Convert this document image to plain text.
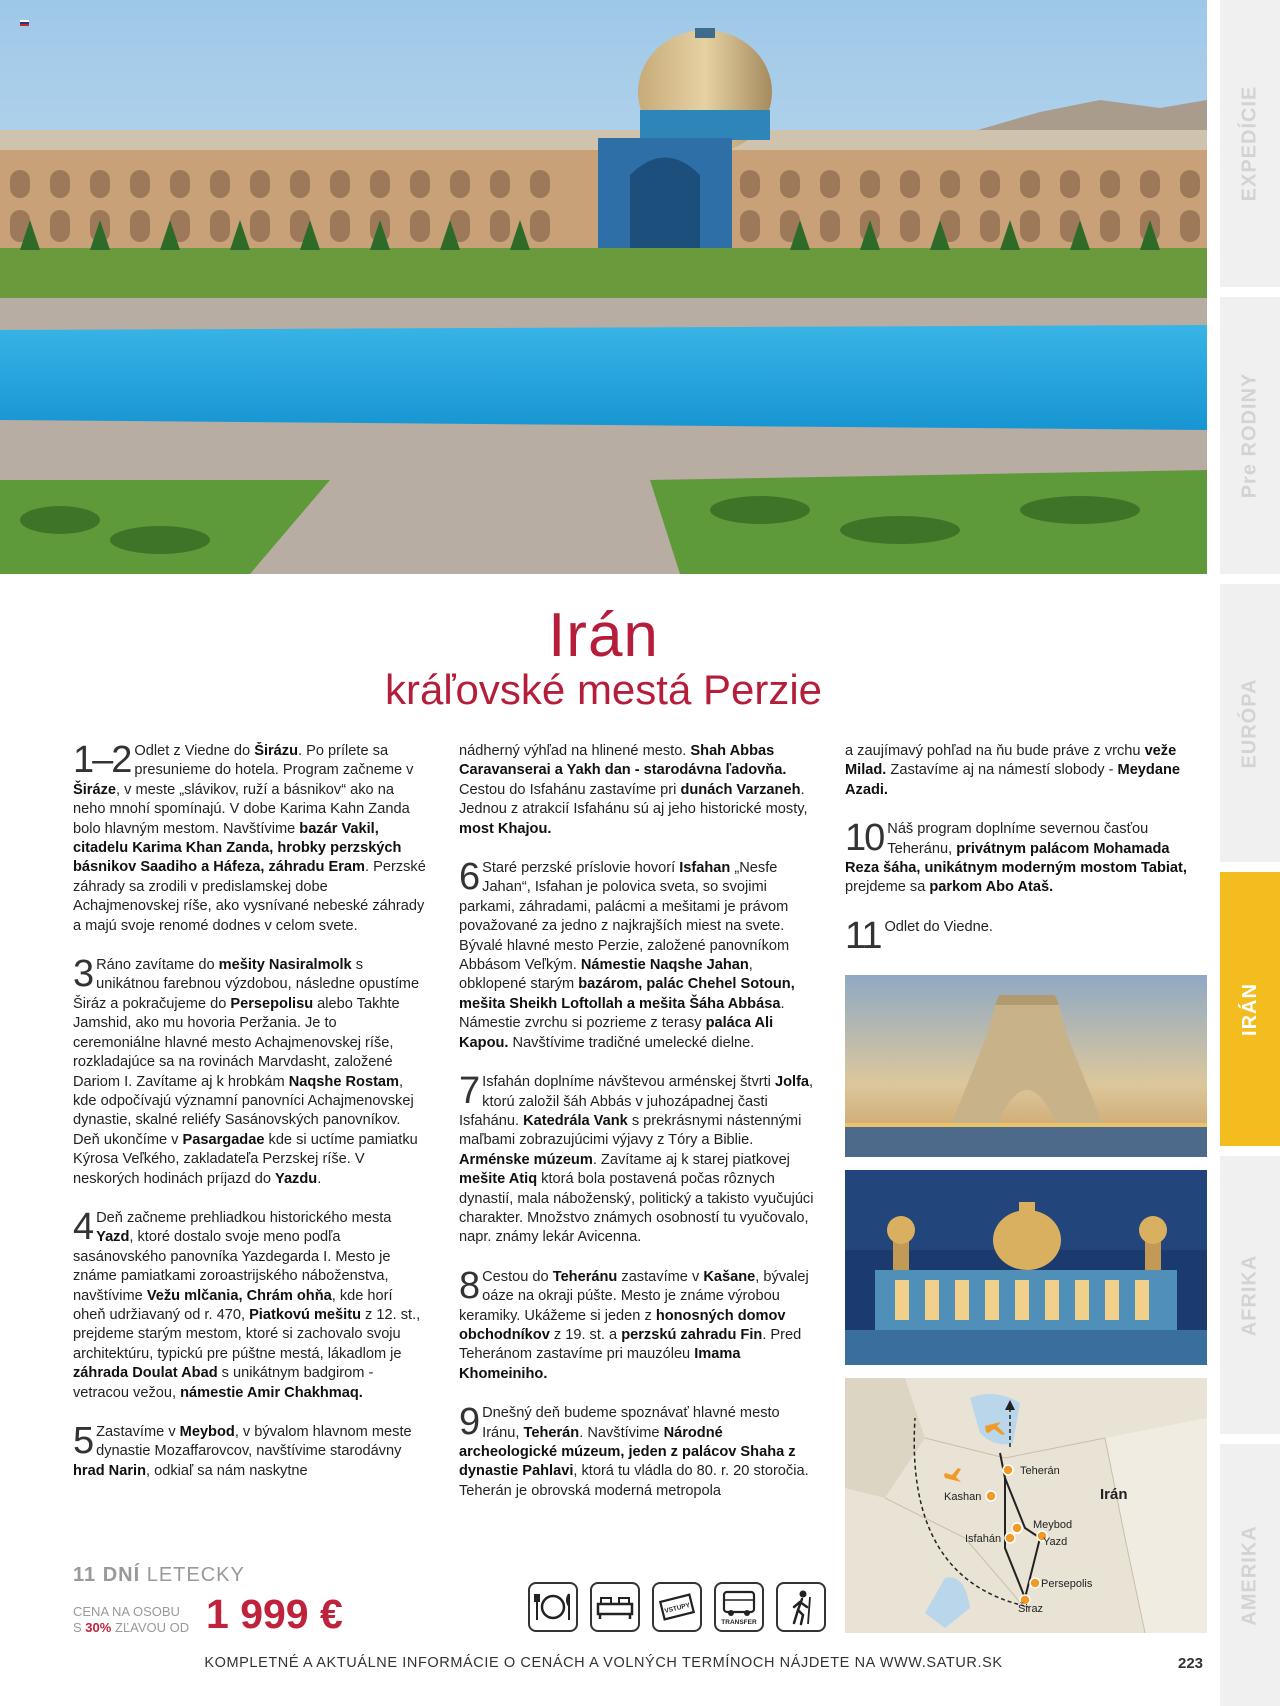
Irán
kráľovské mestá Perzie
1–2 Odlet z Viedne do Širázu. Po prílete sa presunieme do hotela. Program začneme v Širáze, v meste „slávikov, ruží a básnikov“ ako na neho mnohí spomínajú. V dobe Karima Kahn Zanda bolo hlavným mestom. Navštívime bazár Vakil, citadelu Karima Khan Zanda, hrobky perzských básnikov Saadiho a Háfeza, záhradu Eram. Perzské záhrady sa zrodili v predislamskej dobe Achajmenovskej ríše, ako vysnívané nebeské záhrady a majú svoje renomé dodnes v celom svete.

3 Ráno zavítame do mešity Nasiralmolk s unikátnou farebnou výzdobou, následne opustíme Širáz a pokračujeme do Persepolisu alebo Takhte Jamshid, ako mu hovoria Peržania. Je to ceremoniálne hlavné mesto Achajmenovskej ríše, rozkladajúce sa na rovinách Marvdasht, založené Dariom I. Zavítame aj k hrobkám Naqshe Rostam, kde odpočívajú významní panovníci Achajmenovskej dynastie, skalné reliéfy Sasánovských panovníkov. Deň ukončíme v Pasargadae kde si uctíme pamiatku Kýrosa Veľkého, zakladateľa Perzskej ríše. V neskorých hodinách príjazd do Yazdu.

4 Deň začneme prehliadkou historického mesta Yazd, ktoré dostalo svoje meno podľa sasánovského panovníka Yazdegarda I. Mesto je známe pamiatkami zoroastrijského náboženstva, navštívime Vežu mlčania, Chrám ohňa, kde horí oheň udržiavaný od r. 470, Piatkovú mešitu z 12. st., prejdeme starým mestom, ktoré si zachovalo svoju architektúru, typickú pre púštne mestá, lákadlom je záhrada Doulat Abad s unikátnym badgirom - vetracou vežou, námestie Amir Chakhmaq.

5 Zastavíme v Meybod, v bývalom hlavnom meste dynastie Mozaffarovcov, navštívime starodávny hrad Narin, odkiaľ sa nám naskytne

nádherný výhľad na hlinené mesto. Shah Abbas Caravanserai a Yakh dan - starodávna ľadovňa. Cestou do Isfahánu zastavíme pri dunách Varzaneh. Jednou z atrakcií Isfahánu sú aj jeho historické mosty, most Khajou.

6 Staré perzské príslovie hovorí Isfahan „Nesfe Jahan“, Isfahan je polovica sveta, so svojimi parkami, záhradami, palácmi a mešitami je právom považované za jedno z najkrajších miest na svete. Bývalé hlavné mesto Perzie, založené panovníkom Abbásom Veľkým. Námestie Naqshe Jahan, obklopené starým bazárom, palác Chehel Sotoun, mešita Sheikh Loftollah a mešita Šáha Abbása. Námestie zvrchu si pozrieme z terasy paláca Ali Kapou. Navštívime tradičné umelecké dielne.

7 Isfahán doplníme návštevou arménskej štvrti Jolfa, ktorú založil šáh Abbás v juhozápadnej časti Isfahánu. Katedrála Vank s prekrásnymi nástennými maľbami zobrazujúcimi výjavy z Tóry a Biblie. Arménske múzeum. Zavítame aj k starej piatkovej mešite Atiq ktorá bola postavená počas rôznych dynastií, mala náboženský, politický a takisto vyučujúci charakter. Množstvo známych osobností tu vyučovalo, napr. známy lekár Avicenna.

8 Cestou do Teheránu zastavíme v Kašane, bývalej oáze na okraji púšte. Mesto je známe výrobou keramiky. Ukážeme si jeden z honosných domov obchodníkov z 19. st. a perzskú zahradu Fin. Pred Teheránom zastavíme pri mauzóleu Imama Khomeiniho.

9 Dnešný deň budeme spoznávať hlavné mesto Iránu, Teherán. Navštívime Národné archeologické múzeum, jeden z palácov Shaha z dynastie Pahlavi, ktorá tu vládla do 80. r. 20 storočia. Teherán je obrovská moderná metropola

a zaujímavý pohľad na ňu bude práve z vrchu veže Milad. Zastavíme aj na námestí slobody - Meydane Azadi.

10 Náš program doplníme severnou časťou Teheránu, privátnym palácom Mohamada Reza šáha, unikátnym moderným mostom Tabiat, prejdeme sa parkom Abo Ataš.

11 Odlet do Viedne.

Teherán
Kashan
Meybod
Yazd
Isfahán
Persepolis
Širaz
Irán
11 DNÍ LETECKY
CENA NA OSOBU
S 30% ZĽAVOU OD 1 999 €	VSTUPY
TRANSFER
EXPEDÍCIE
Pre RODINY
EURÓPA
IRÁN
AFRIKA
AMERIKA
KOMPLETNÉ A AKTUÁLNE INFORMÁCIE O CENÁCH A VOLNÝCH TERMÍNOCH NÁJDETE NA WWW.SATUR.SK	223
